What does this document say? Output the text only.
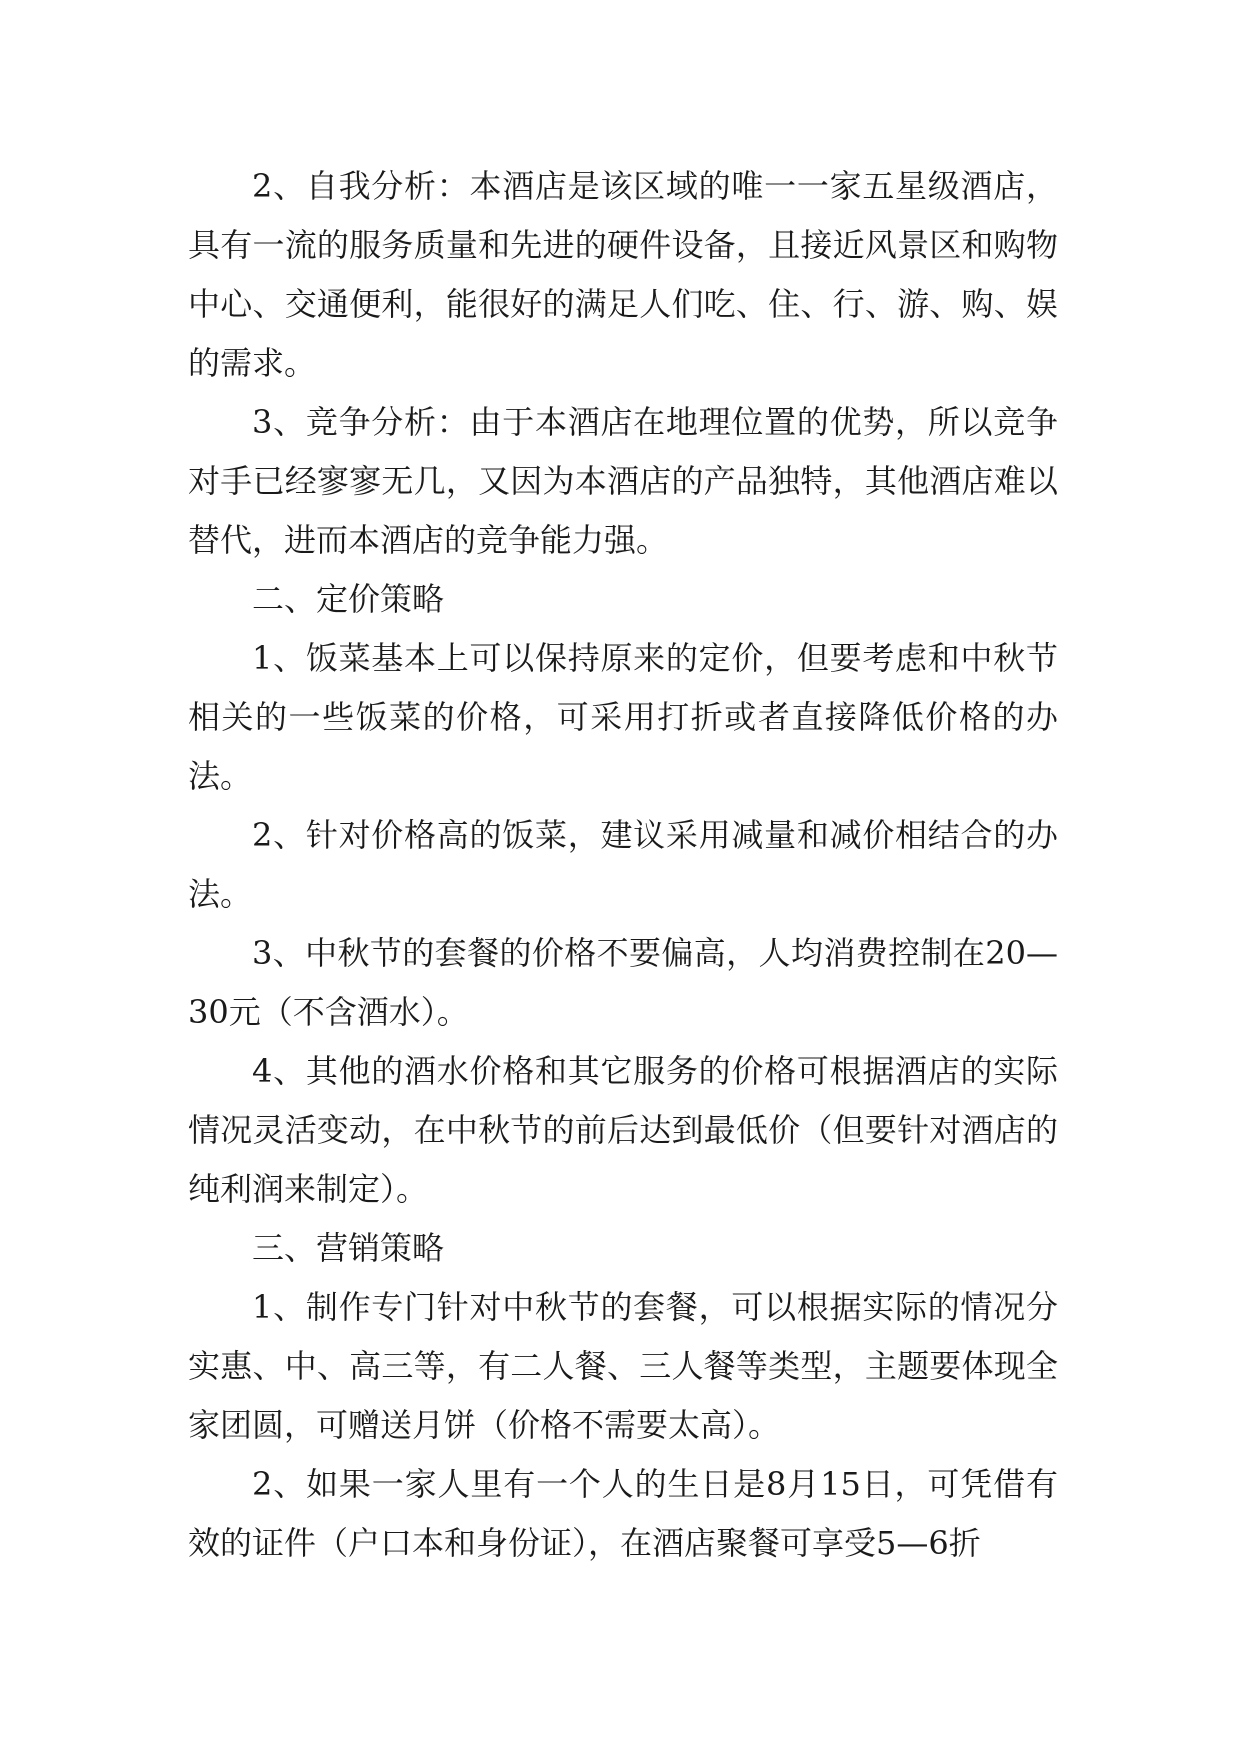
2、自我分析：本酒店是该区域的唯一一家五星级酒店，具有一流的服务质量和先进的硬件设备，且接近风景区和购物中心、交通便利，能很好的满足人们吃、住、行、游、购、娱的需求。

3、竞争分析：由于本酒店在地理位置的优势，所以竞争对手已经寥寥无几，又因为本酒店的产品独特，其他酒店难以替代，进而本酒店的竞争能力强。

二、定价策略

1、饭菜基本上可以保持原来的定价，但要考虑和中秋节相关的一些饭菜的价格，可采用打折或者直接降低价格的办法。

2、针对价格高的饭菜，建议采用减量和减价相结合的办法。

3、中秋节的套餐的价格不要偏高，人均消费控制在20—30元（不含酒水）。

4、其他的酒水价格和其它服务的价格可根据酒店的实际情况灵活变动，在中秋节的前后达到最低价（但要针对酒店的纯利润来制定）。

三、营销策略

1、制作专门针对中秋节的套餐，可以根据实际的情况分实惠、中、高三等，有二人餐、三人餐等类型，主题要体现全家团圆，可赠送月饼（价格不需要太高）。

2、如果一家人里有一个人的生日是8月15日，可凭借有效的证件（户口本和身份证），在酒店聚餐可享受5—6折
